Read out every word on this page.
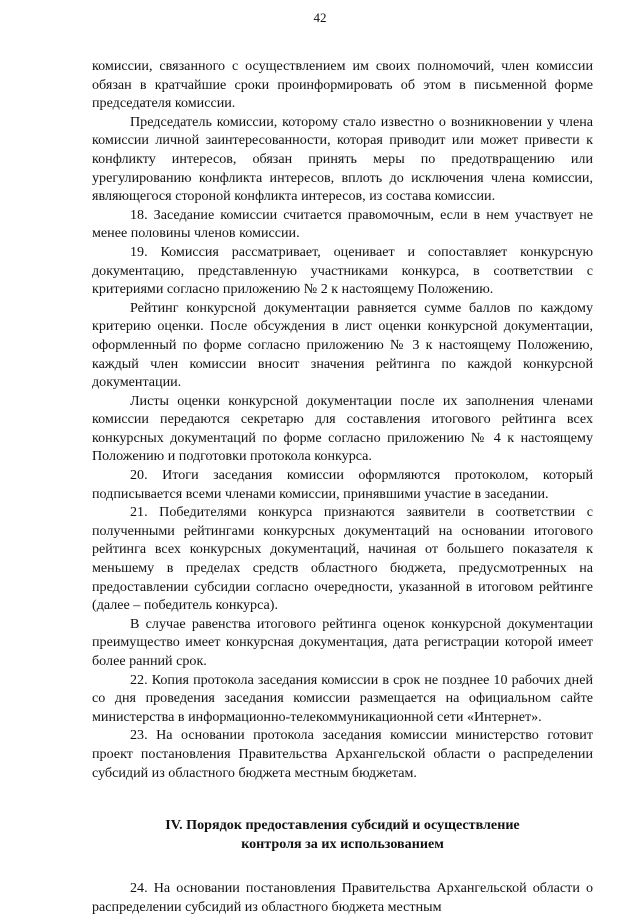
42

комиссии, связанного с осуществлением им своих полномочий, член комиссии обязан в кратчайшие сроки проинформировать об этом в письменной форме председателя комиссии.

Председатель комиссии, которому стало известно о возникновении у члена комиссии личной заинтересованности, которая приводит или может привести к конфликту интересов, обязан принять меры по предотвращению или урегулированию конфликта интересов, вплоть до исключения члена комиссии, являющегося стороной конфликта интересов, из состава комиссии.

18. Заседание комиссии считается правомочным, если в нем участвует не менее половины членов комиссии.

19. Комиссия рассматривает, оценивает и сопоставляет конкурсную документацию, представленную участниками конкурса, в соответствии с критериями согласно приложению № 2 к настоящему Положению.

Рейтинг конкурсной документации равняется сумме баллов по каждому критерию оценки. После обсуждения в лист оценки конкурсной документации, оформленный по форме согласно приложению № 3 к настоящему Положению, каждый член комиссии вносит значения рейтинга по каждой конкурсной документации.

Листы оценки конкурсной документации после их заполнения членами комиссии передаются секретарю для составления итогового рейтинга всех конкурсных документаций по форме согласно приложению № 4 к настоящему Положению и подготовки протокола конкурса.

20. Итоги заседания комиссии оформляются протоколом, который подписывается всеми членами комиссии, принявшими участие в заседании.

21. Победителями конкурса признаются заявители в соответствии с полученными рейтингами конкурсных документаций на основании итогового рейтинга всех конкурсных документаций, начиная от большего показателя к меньшему в пределах средств областного бюджета, предусмотренных на предоставлении субсидии согласно очередности, указанной в итоговом рейтинге (далее – победитель конкурса).

В случае равенства итогового рейтинга оценок конкурсной документации преимущество имеет конкурсная документация, дата регистрации которой имеет более ранний срок.

22. Копия протокола заседания комиссии в срок не позднее 10 рабочих дней со дня проведения заседания комиссии размещается на официальном сайте министерства в информационно-телекоммуникационной сети «Интернет».

23. На основании протокола заседания комиссии министерство готовит проект постановления Правительства Архангельской области о распределении субсидий из областного бюджета местным бюджетам.

IV. Порядок предоставления субсидий и осуществление
контроля за их использованием

24. На основании постановления Правительства Архангельской области о распределении субсидий из областного бюджета местным
